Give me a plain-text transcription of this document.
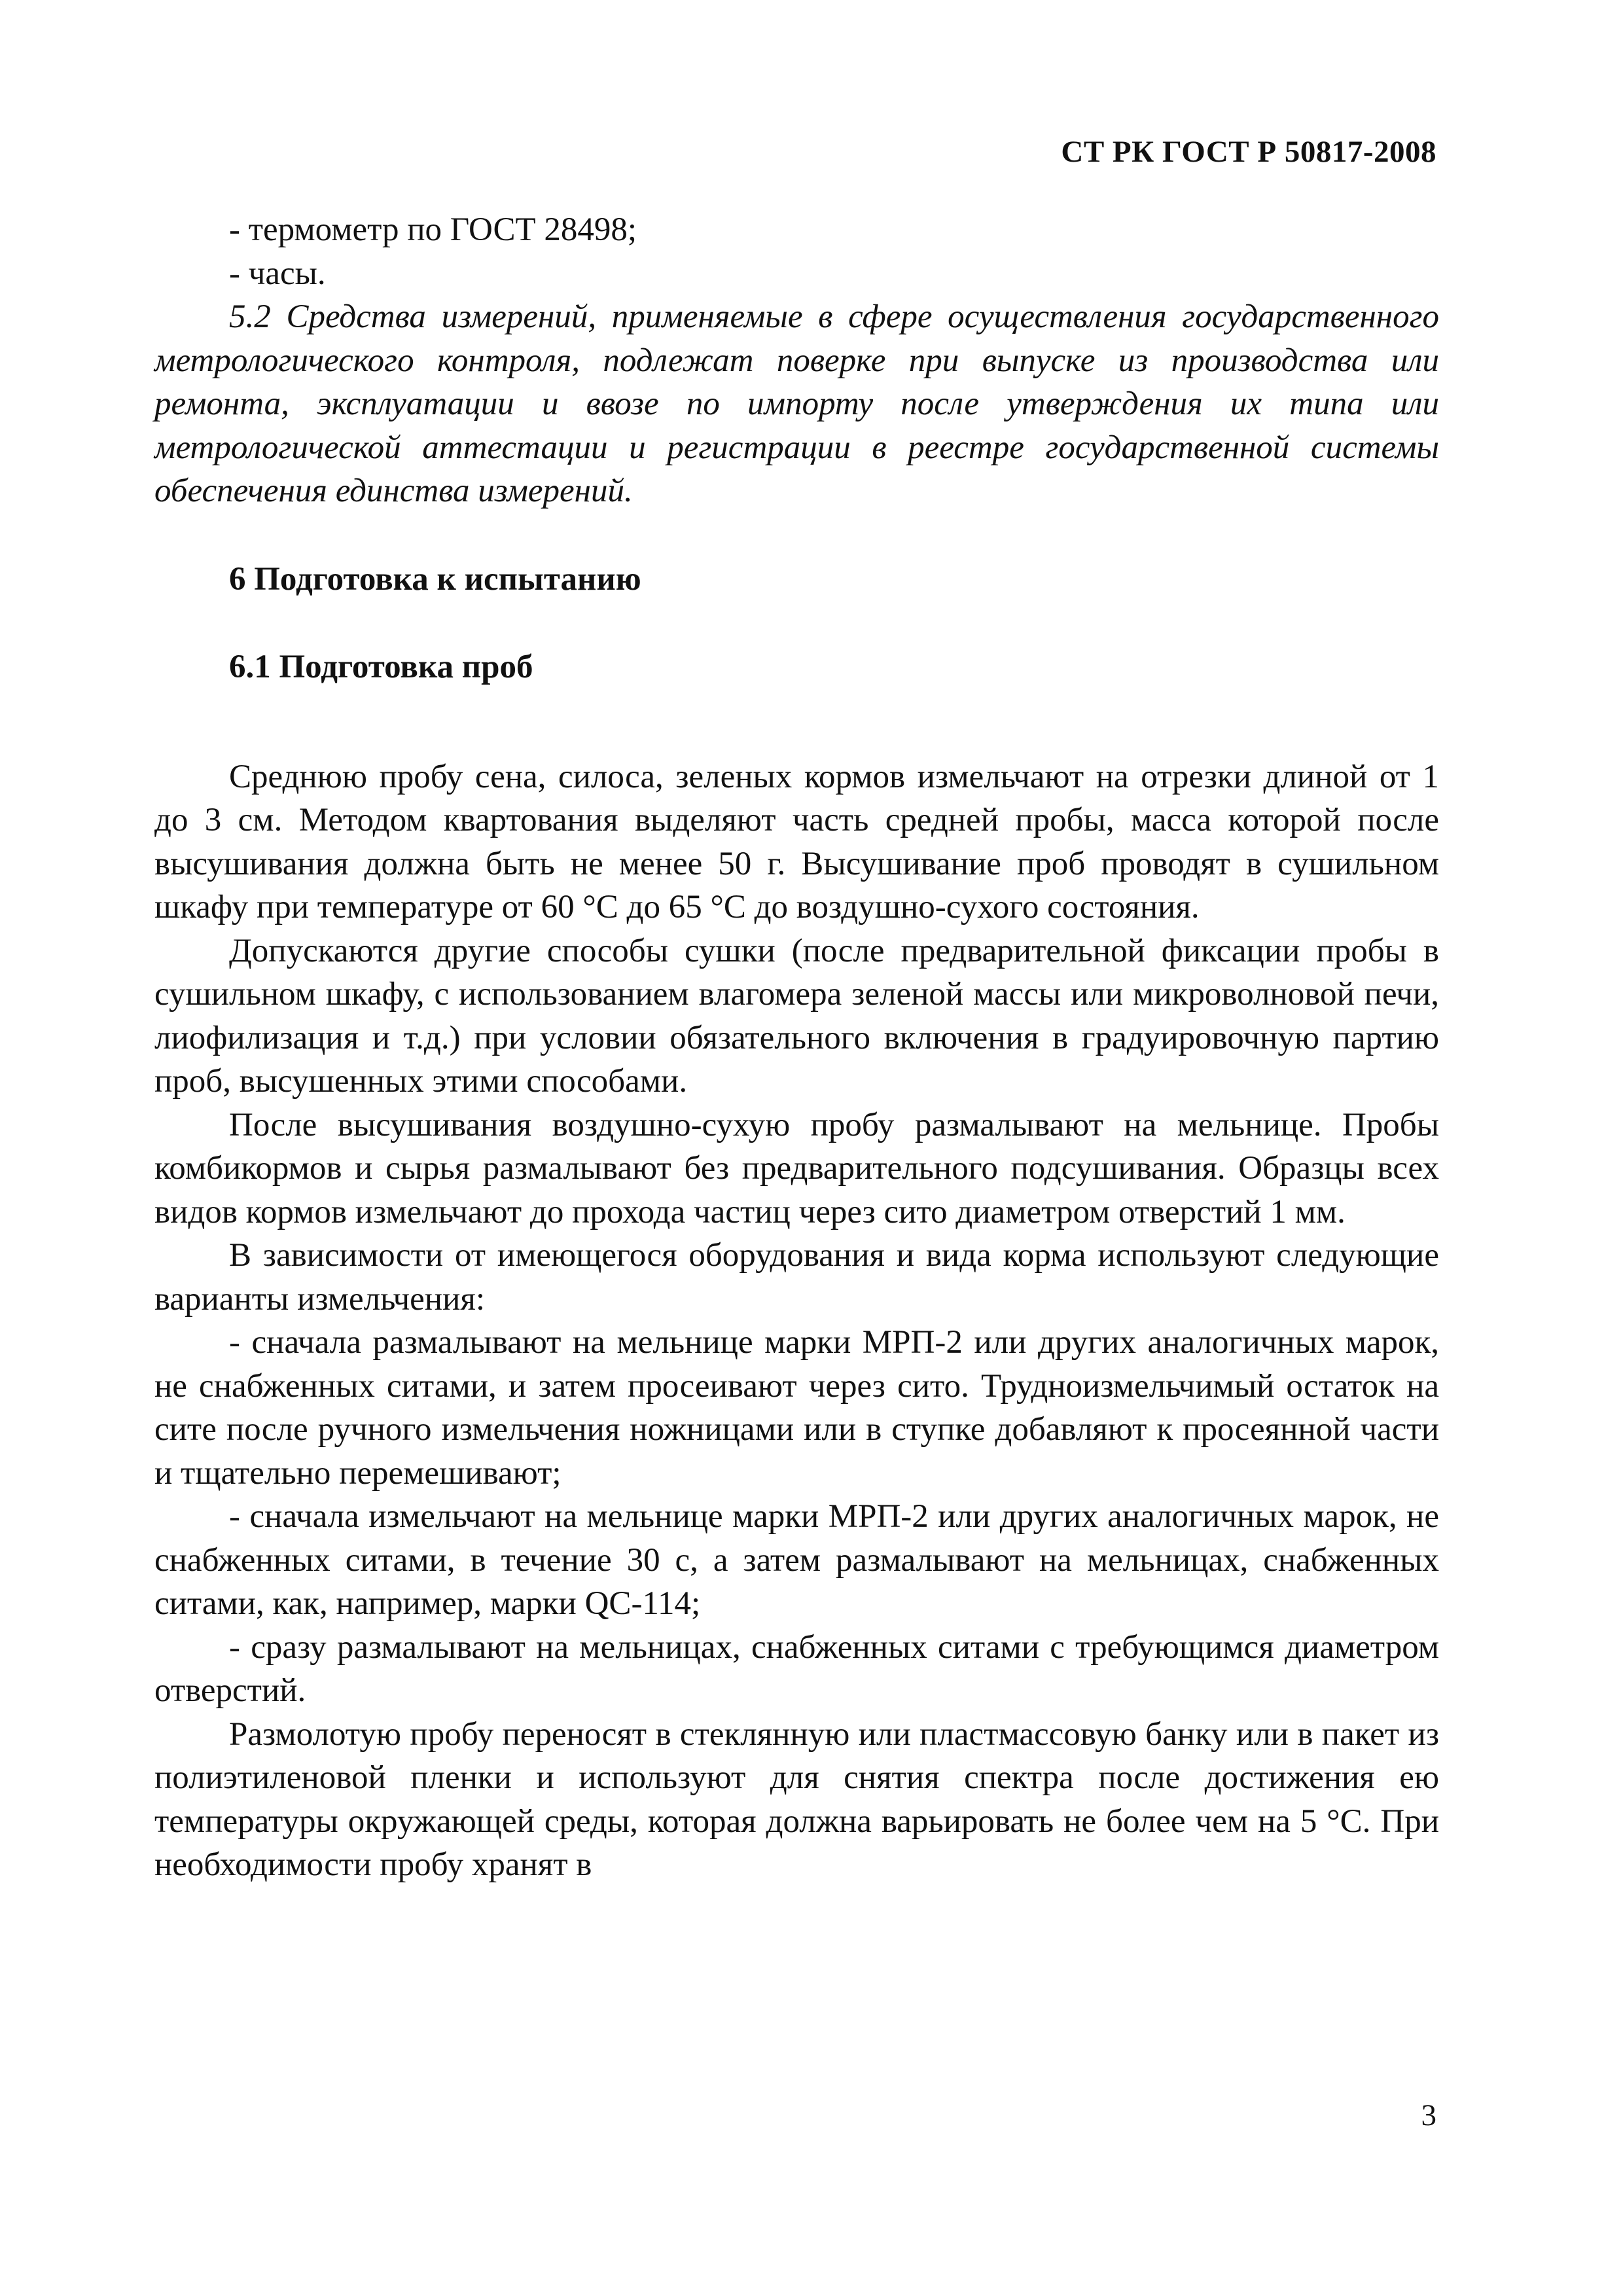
СТ РК ГОСТ Р 50817-2008

- термометр по ГОСТ 28498;

- часы.

5.2 Средства измерений, применяемые в сфере осуществления государственного метрологического контроля, подлежат поверке при выпуске из производства или ремонта, эксплуатации и ввозе по импорту после утверждения их типа или метрологической аттестации и регистрации в реестре государственной системы обеспечения единства измерений.

6 Подготовка к испытанию

6.1 Подготовка проб

Среднюю пробу сена, силоса, зеленых кормов измельчают на отрезки длиной от 1 до 3 см. Методом квартования выделяют часть средней пробы, масса которой после высушивания должна быть не менее 50 г. Высушивание проб проводят в сушильном шкафу при температуре от 60 °С до 65 °С до воздушно-сухого состояния.

Допускаются другие способы сушки (после предварительной фиксации пробы в сушильном шкафу, с использованием влагомера зеленой массы или микроволновой печи, лиофилизация и т.д.) при условии обязательного включения в градуировочную партию проб, высушенных этими способами.

После высушивания воздушно-сухую пробу размалывают на мельнице. Пробы комбикормов и сырья размалывают без предварительного подсушивания. Образцы всех видов кормов измельчают до прохода частиц через сито диаметром отверстий 1 мм.

В зависимости от имеющегося оборудования и вида корма используют следующие варианты измельчения:

- сначала размалывают на мельнице марки МРП-2 или других аналогичных марок, не снабженных ситами, и затем просеивают через сито. Трудноизмельчимый остаток на сите после ручного измельчения ножницами или в ступке добавляют к просеянной части и тщательно перемешивают;

- сначала измельчают на мельнице марки МРП-2 или других аналогичных марок, не снабженных ситами, в течение 30 с, а затем размалывают на мельницах, снабженных ситами, как, например, марки QC-114;

- сразу размалывают на мельницах, снабженных ситами с требующимся диаметром отверстий.

Размолотую пробу переносят в стеклянную или пластмассовую банку или в пакет из полиэтиленовой пленки и используют для снятия спектра после достижения ею температуры окружающей среды, которая должна варьировать не более чем на 5 °С. При необходимости пробу хранят в

3
